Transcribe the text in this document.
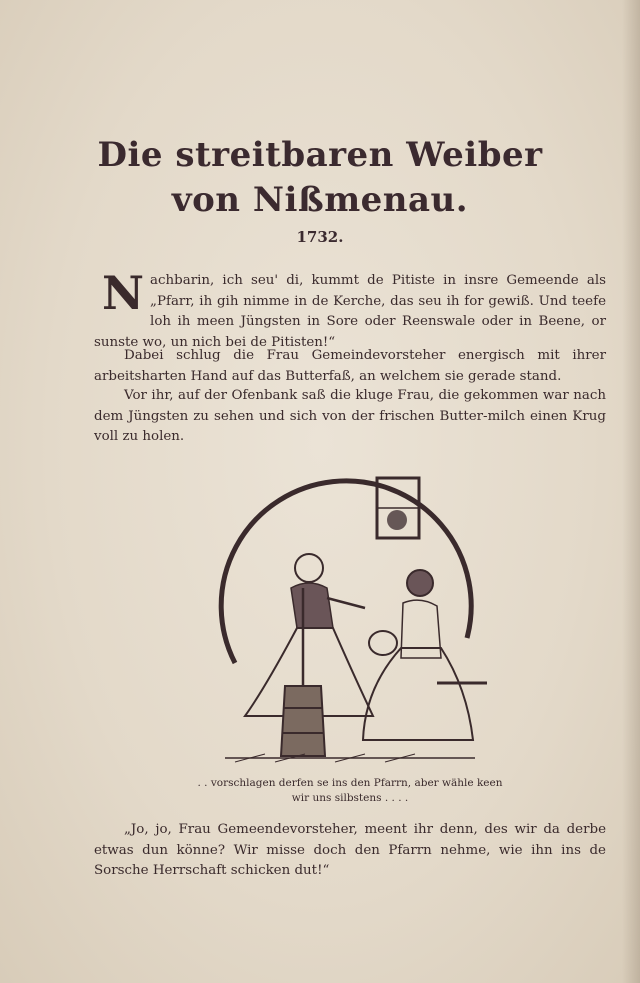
Die streitbaren Weiber
von Nißmenau.
1732.
Nachbarin, ich seu' di, kummt de Pitiste in insre Gemeende als „Pfarr, ih gih nimme in de Kerche, das seu ih for gewiß. Und teefe loh ih meen Jüngsten in Sore oder Reenswale oder in Beene, or sunste wo, un nich bei de Pitisten!“
Dabei schlug die Frau Gemeindevorsteher energisch mit ihrer arbeitsharten Hand auf das Butterfaß, an welchem sie gerade stand.
Vor ihr, auf der Ofenbank saß die kluge Frau, die gekommen war nach dem Jüngsten zu sehen und sich von der frischen Butter-milch einen Krug voll zu holen.
. . vorschlagen derfen se ins den Pfarrn, aber wähle keen
wir uns silbstens . . . .
„Jo, jo, Frau Gemeendevorsteher, meent ihr denn, des wir da derbe etwas dun könne? Wir misse doch den Pfarrn nehme, wie ihn ins de Sorsche Herrschaft schicken dut!“
